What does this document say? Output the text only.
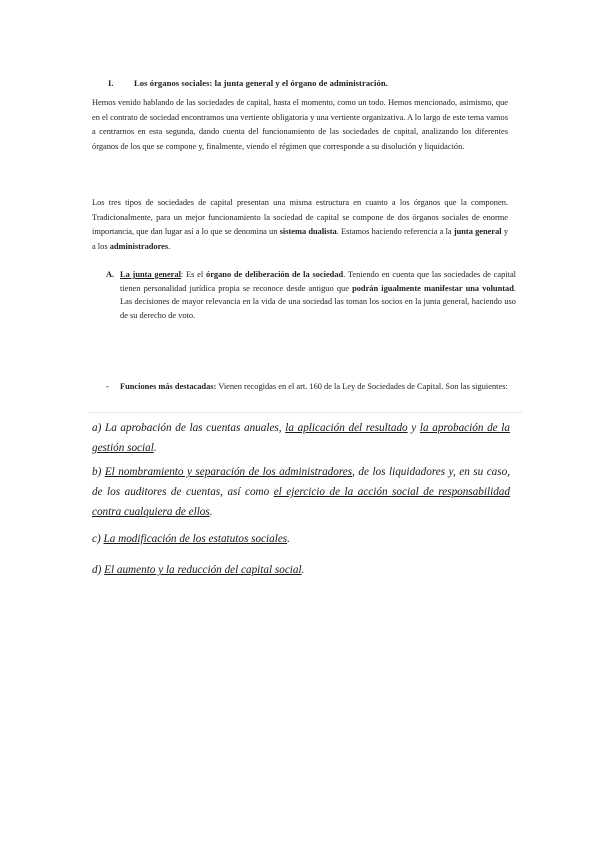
I. Los órganos sociales: la junta general y el órgano de administración.
Hemos venido hablando de las sociedades de capital, hasta el momento, como un todo. Hemos mencionado, asimismo, que en el contrato de sociedad encontramos una vertiente obligatoria y una vertiente organizativa. A lo largo de este tema vamos a centrarnos en esta segunda, dando cuenta del funcionamiento de las sociedades de capital, analizando los diferentes órganos de los que se compone y, finalmente, viendo el régimen que corresponde a su disolución y liquidación.
Los tres tipos de sociedades de capital presentan una misma estructura en cuanto a los órganos que la componen. Tradicionalmente, para un mejor funcionamiento la sociedad de capital se compone de dos órganos sociales de enorme importancia, que dan lugar así a lo que se denomina un sistema dualista. Estamos haciendo referencia a la junta general y a los administradores.
A. La junta general: Es el órgano de deliberación de la sociedad. Teniendo en cuenta que las sociedades de capital tienen personalidad jurídica propia se reconoce desde antiguo que podrán igualmente manifestar una voluntad. Las decisiones de mayor relevancia en la vida de una sociedad las toman los socios en la junta general, haciendo uso de su derecho de voto.
- Funciones más destacadas: Vienen recogidas en el art. 160 de la Ley de Sociedades de Capital. Son las siguientes:
a) La aprobación de las cuentas anuales, la aplicación del resultado y la aprobación de la gestión social.
b) El nombramiento y separación de los administradores, de los liquidadores y, en su caso, de los auditores de cuentas, así como el ejercicio de la acción social de responsabilidad contra cualquiera de ellos.
c) La modificación de los estatutos sociales.
d) El aumento y la reducción del capital social.
